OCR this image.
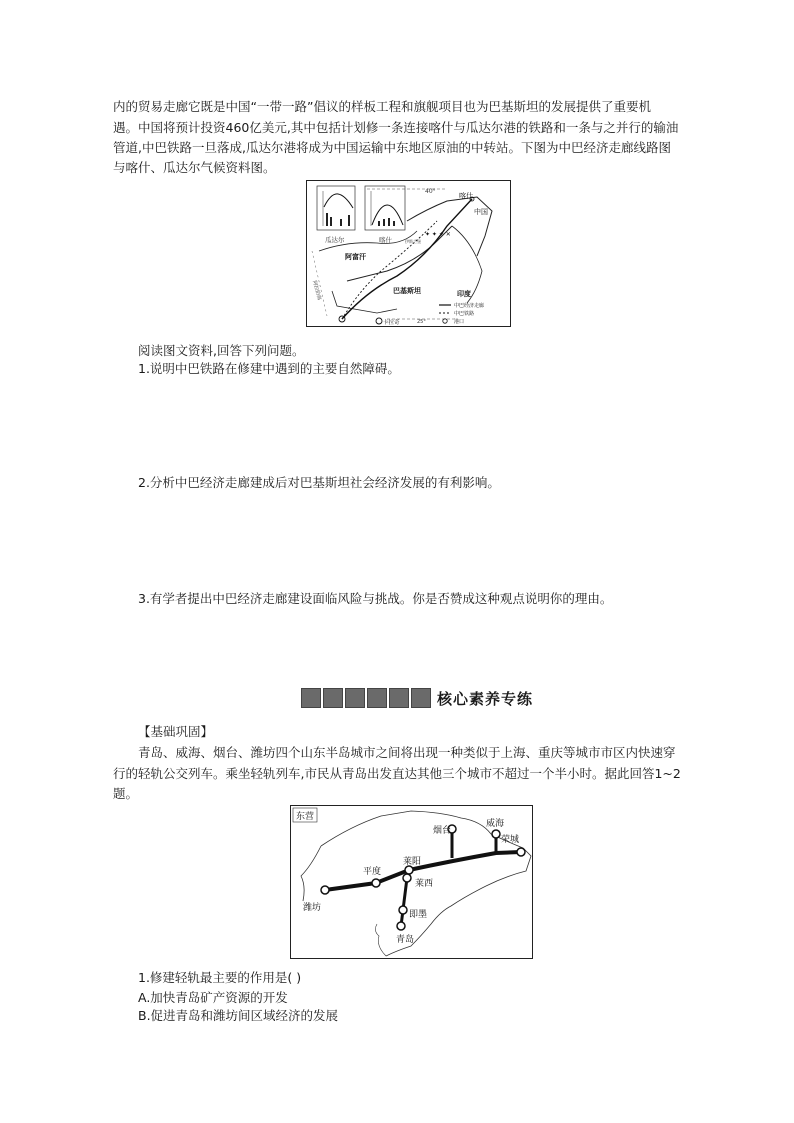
内的贸易走廊它既是中国“一带一路”倡议的样板工程和旗舰项目也为巴基斯坦的发展提供了重要机
遇。中国将预计投资460亿美元,其中包括计划修一条连接喀什与瓜达尔港的铁路和一条与之并行的输油
管道,中巴铁路一旦落成,瓜达尔港将成为中国运输中东地区原油的中转站。下图为中巴经济走廊线路图
与喀什、瓜达尔气候资料图。
40°
25°
瓜达尔	喀什
✦ ✦ ✦ ✕
伊斯兰堡
喀什
中国
阿富汗
巴基斯坦	印度
阿拉伯海
卡拉奇
中巴经济走廊
中巴铁路
港口
阅读图文资料,回答下列问题。
1.说明中巴铁路在修建中遇到的主要自然障碍。
2.分析中巴经济走廊建成后对巴基斯坦社会经济发展的有利影响。
3.有学者提出中巴经济走廊建设面临风险与挑战。你是否赞成这种观点说明你的理由。
核心素养专练
【基础巩固】
青岛、威海、烟台、潍坊四个山东半岛城市之间将出现一种类似于上海、重庆等城市市区内快速穿
行的轻轨公交列车。乘坐轻轨列车,市民从青岛出发直达其他三个城市不超过一个半小时。据此回答1~2
题。
东营
烟台
威海
荣城
莱阳
平度
莱西
潍坊
即墨
青岛
1.修建轻轨最主要的作用是( )
A.加快青岛矿产资源的开发
B.促进青岛和潍坊间区域经济的发展
